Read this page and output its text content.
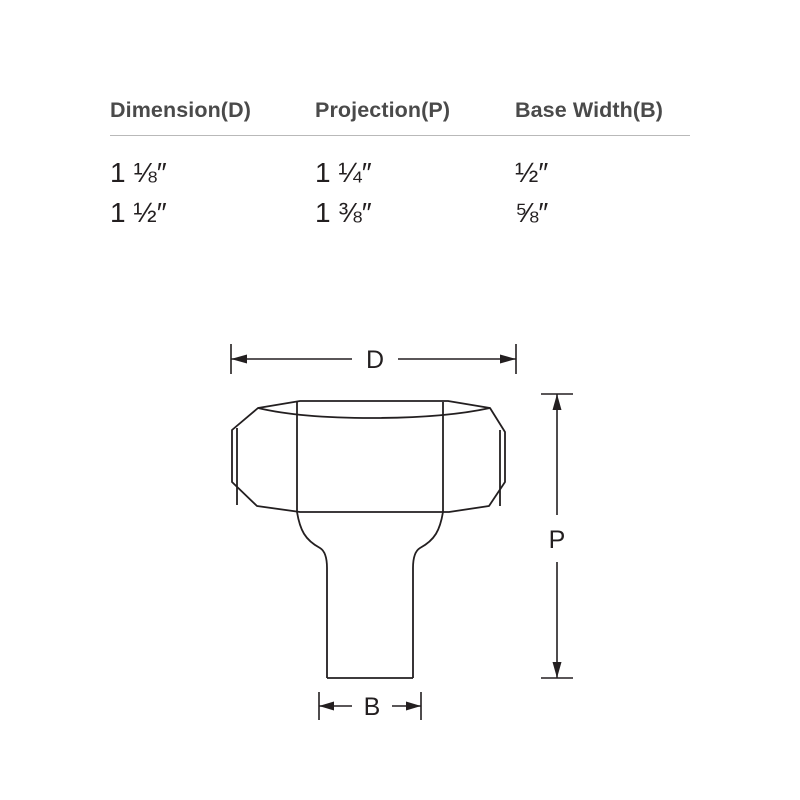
Dimension(D)	Projection(P)	Base Width(B)
1 ⅛″	1 ¼″	½″
1 ½″	1 ⅜″	⅝″
D
P
B
